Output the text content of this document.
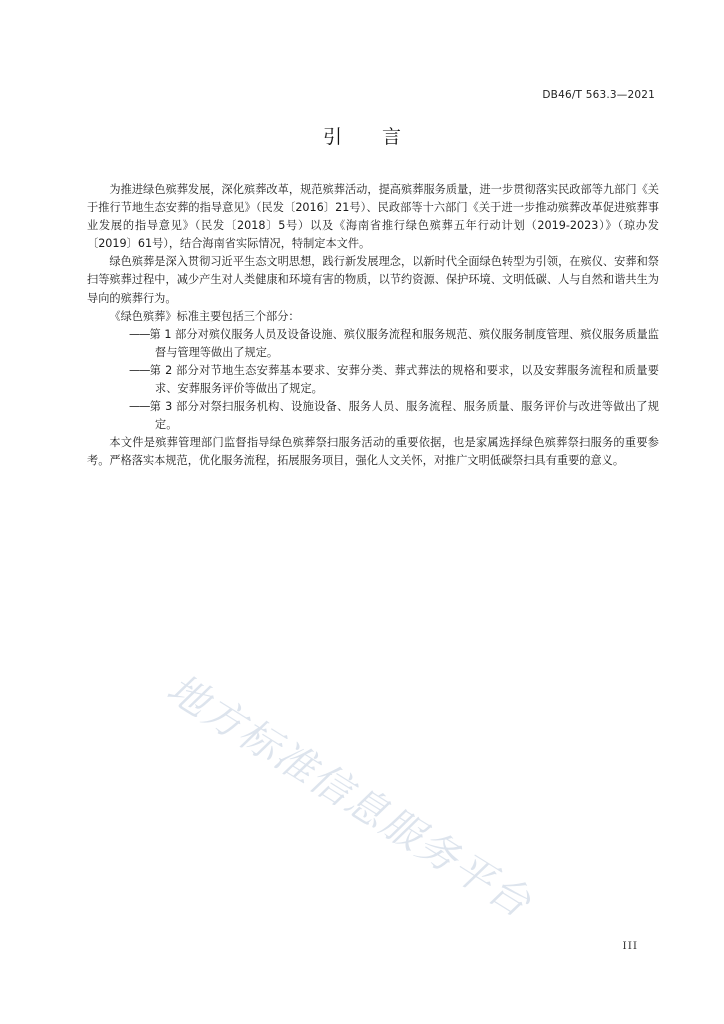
DB46/T 563.3—2021
引言

为推进绿色殡葬发展，深化殡葬改革，规范殡葬活动，提高殡葬服务质量，进一步贯彻落实民政部等九部门《关于推行节地生态安葬的指导意见》（民发〔2016〕21号）、民政部等十六部门《关于进一步推动殡葬改革促进殡葬事业发展的指导意见》（民发〔2018〕5号）以及《海南省推行绿色殡葬五年行动计划（2019-2023）》（琼办发〔2019〕61号），结合海南省实际情况，特制定本文件。

绿色殡葬是深入贯彻习近平生态文明思想，践行新发展理念，以新时代全面绿色转型为引领，在殡仪、安葬和祭扫等殡葬过程中，减少产生对人类健康和环境有害的物质，以节约资源、保护环境、文明低碳、人与自然和谐共生为导向的殡葬行为。

《绿色殡葬》标准主要包括三个部分：

——第 1 部分对殡仪服务人员及设备设施、殡仪服务流程和服务规范、殡仪服务制度管理、殡仪服务质量监督与管理等做出了规定。

——第 2 部分对节地生态安葬基本要求、安葬分类、葬式葬法的规格和要求，以及安葬服务流程和质量要求、安葬服务评价等做出了规定。

——第 3 部分对祭扫服务机构、设施设备、服务人员、服务流程、服务质量、服务评价与改进等做出了规定。

本文件是殡葬管理部门监督指导绿色殡葬祭扫服务活动的重要依据，也是家属选择绿色殡葬祭扫服务的重要参考。严格落实本规范，优化服务流程，拓展服务项目，强化人文关怀，对推广文明低碳祭扫具有重要的意义。

地方标准信息服务平台
III
